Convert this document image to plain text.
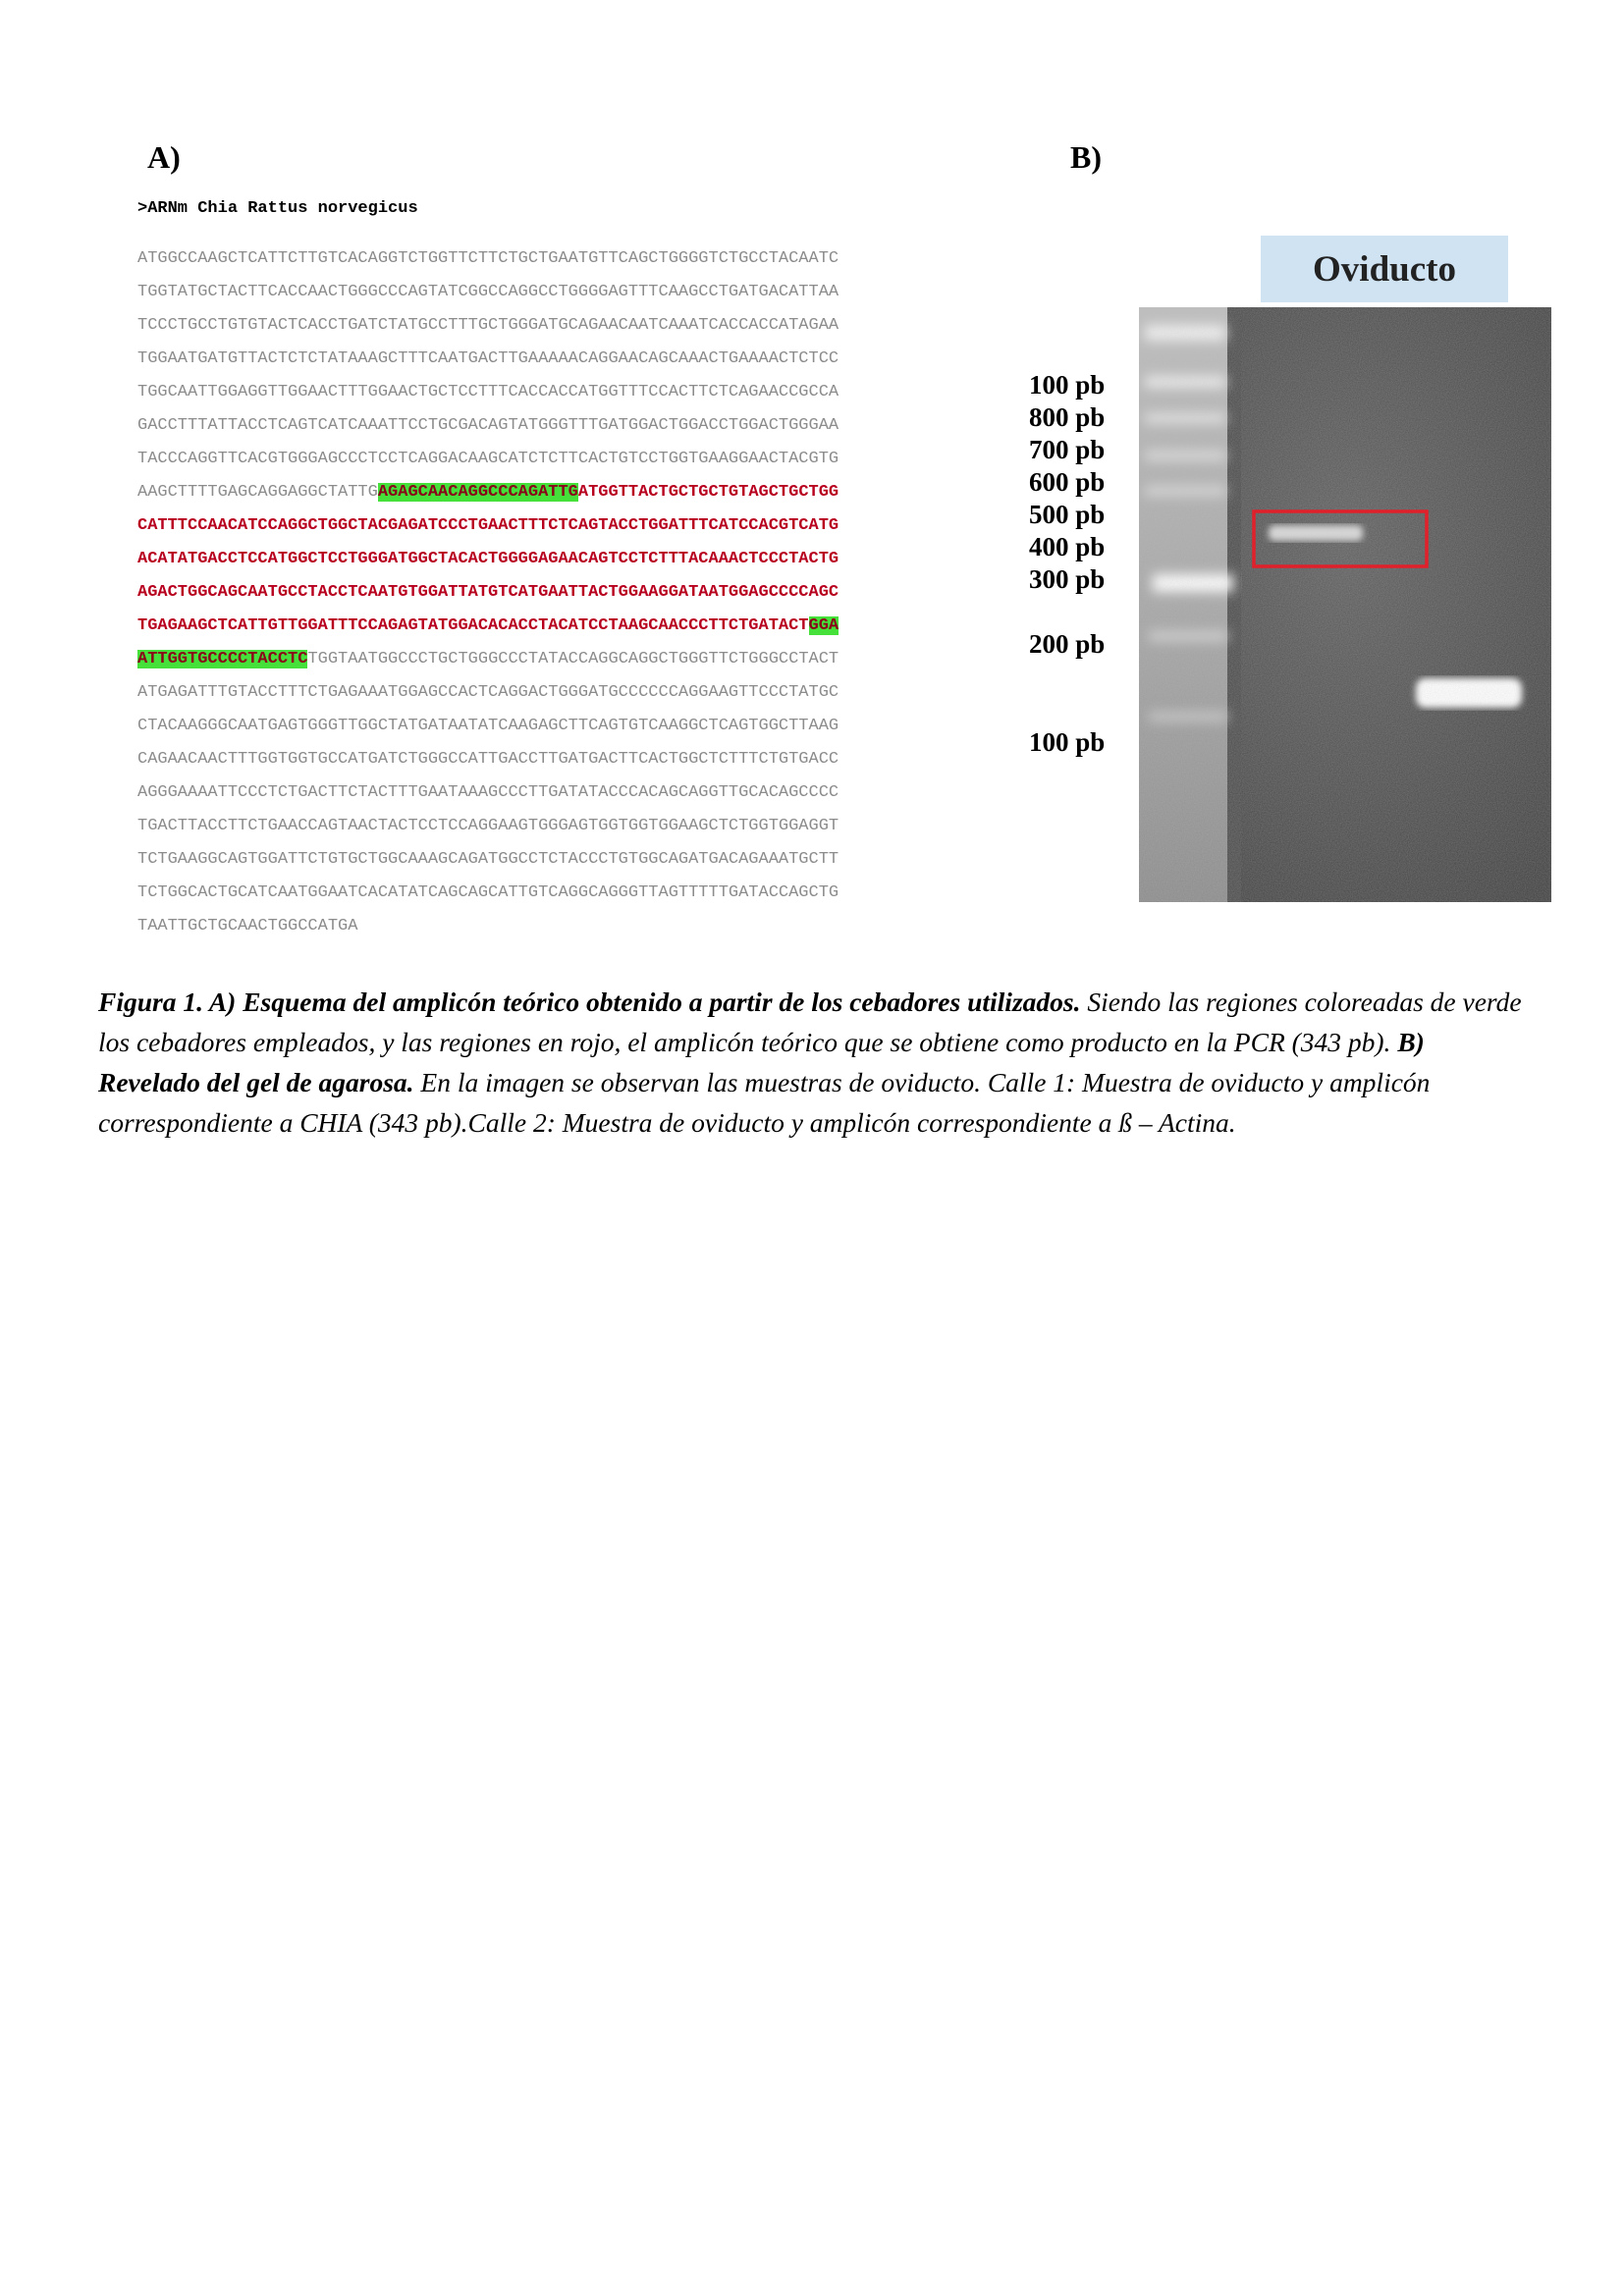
A)	B)
>ARNm Chia Rattus norvegicus
ATGGCCAAGCTCATTCTTGTCACAGGTCTGGTTCTTCTGCTGAATGTTCAGCTGGGGTCTGCCTACAATC
TGGTATGCTACTTCACCAACTGGGCCCAGTATCGGCCAGGCCTGGGGAGTTTCAAGCCTGATGACATTAA
TCCCTGCCTGTGTACTCACCTGATCTATGCCTTTGCTGGGATGCAGAACAATCAAATCACCACCATAGAA
TGGAATGATGTTACTCTCTATAAAGCTTTCAATGACTTGAAAAACAGGAACAGCAAACTGAAAACTCTCC
TGGCAATTGGAGGTTGGAACTTTGGAACTGCTCCTTTCACCACCATGGTTTCCACTTCTCAGAACCGCCA
GACCTTTATTACCTCAGTCATCAAATTCCTGCGACAGTATGGGTTTGATGGACTGGACCTGGACTGGGAA
TACCCAGGTTCACGTGGGAGCCCTCCTCAGGACAAGCATCTCTTCACTGTCCTGGTGAAGGAACTACGTG
AAGCTTTTGAGCAGGAGGCTATTGAGAGCAACAGGCCCAGATTGATGGTTACTGCTGCTGTAGCTGCTGG
CATTTCCAACATCCAGGCTGGCTACGAGATCCCTGAACTTTCTCAGTACCTGGATTTCATCCACGTCATG
ACATATGACCTCCATGGCTCCTGGGATGGCTACACTGGGGAGAACAGTCCTCTTTACAAACTCCCTACTG
AGACTGGCAGCAATGCCTACCTCAATGTGGATTATGTCATGAATTACTGGAAGGATAATGGAGCCCCAGC
TGAGAAGCTCATTGTTGGATTTCCAGAGTATGGACACACCTACATCCTAAGCAACCCTTCTGATACTGGA
ATTGGTGCCCCTACCTCTGGTAATGGCCCTGCTGGGCCCTATACCAGGCAGGCTGGGTTCTGGGCCTACT
ATGAGATTTGTACCTTTCTGAGAAATGGAGCCACTCAGGACTGGGATGCCCCCCAGGAAGTTCCCTATGC
CTACAAGGGCAATGAGTGGGTTGGCTATGATAATATCAAGAGCTTCAGTGTCAAGGCTCAGTGGCTTAAG
CAGAACAACTTTGGTGGTGCCATGATCTGGGCCATTGACCTTGATGACTTCACTGGCTCTTTCTGTGACC
AGGGAAAATTCCCTCTGACTTCTACTTTGAATAAAGCCCTTGATATACCCACAGCAGGTTGCACAGCCCC
TGACTTACCTTCTGAACCAGTAACTACTCCTCCAGGAAGTGGGAGTGGTGGTGGAAGCTCTGGTGGAGGT
TCTGAAGGCAGTGGATTCTGTGCTGGCAAAGCAGATGGCCTCTACCCTGTGGCAGATGACAGAAATGCTT
TCTGGCACTGCATCAATGGAATCACATATCAGCAGCATTGTCAGGCAGGGTTAGTTTTTGATACCAGCTG
TAATTGCTGCAACTGGCCATGA
100 pb
800 pb
700 pb
600 pb
500 pb
400 pb
300 pb
200 pb
100 pb
Oviducto
Figura 1. A) Esquema del amplicón teórico obtenido a partir de los cebadores utilizados. Siendo las regiones coloreadas de verde los cebadores empleados, y las regiones en rojo, el amplicón teórico que se obtiene como producto en la PCR (343 pb). B) Revelado del gel de agarosa. En la imagen se observan las muestras de oviducto. Calle 1: Muestra de oviducto y amplicón correspondiente a CHIA (343 pb).Calle 2: Muestra de oviducto y amplicón correspondiente a ß – Actina.
